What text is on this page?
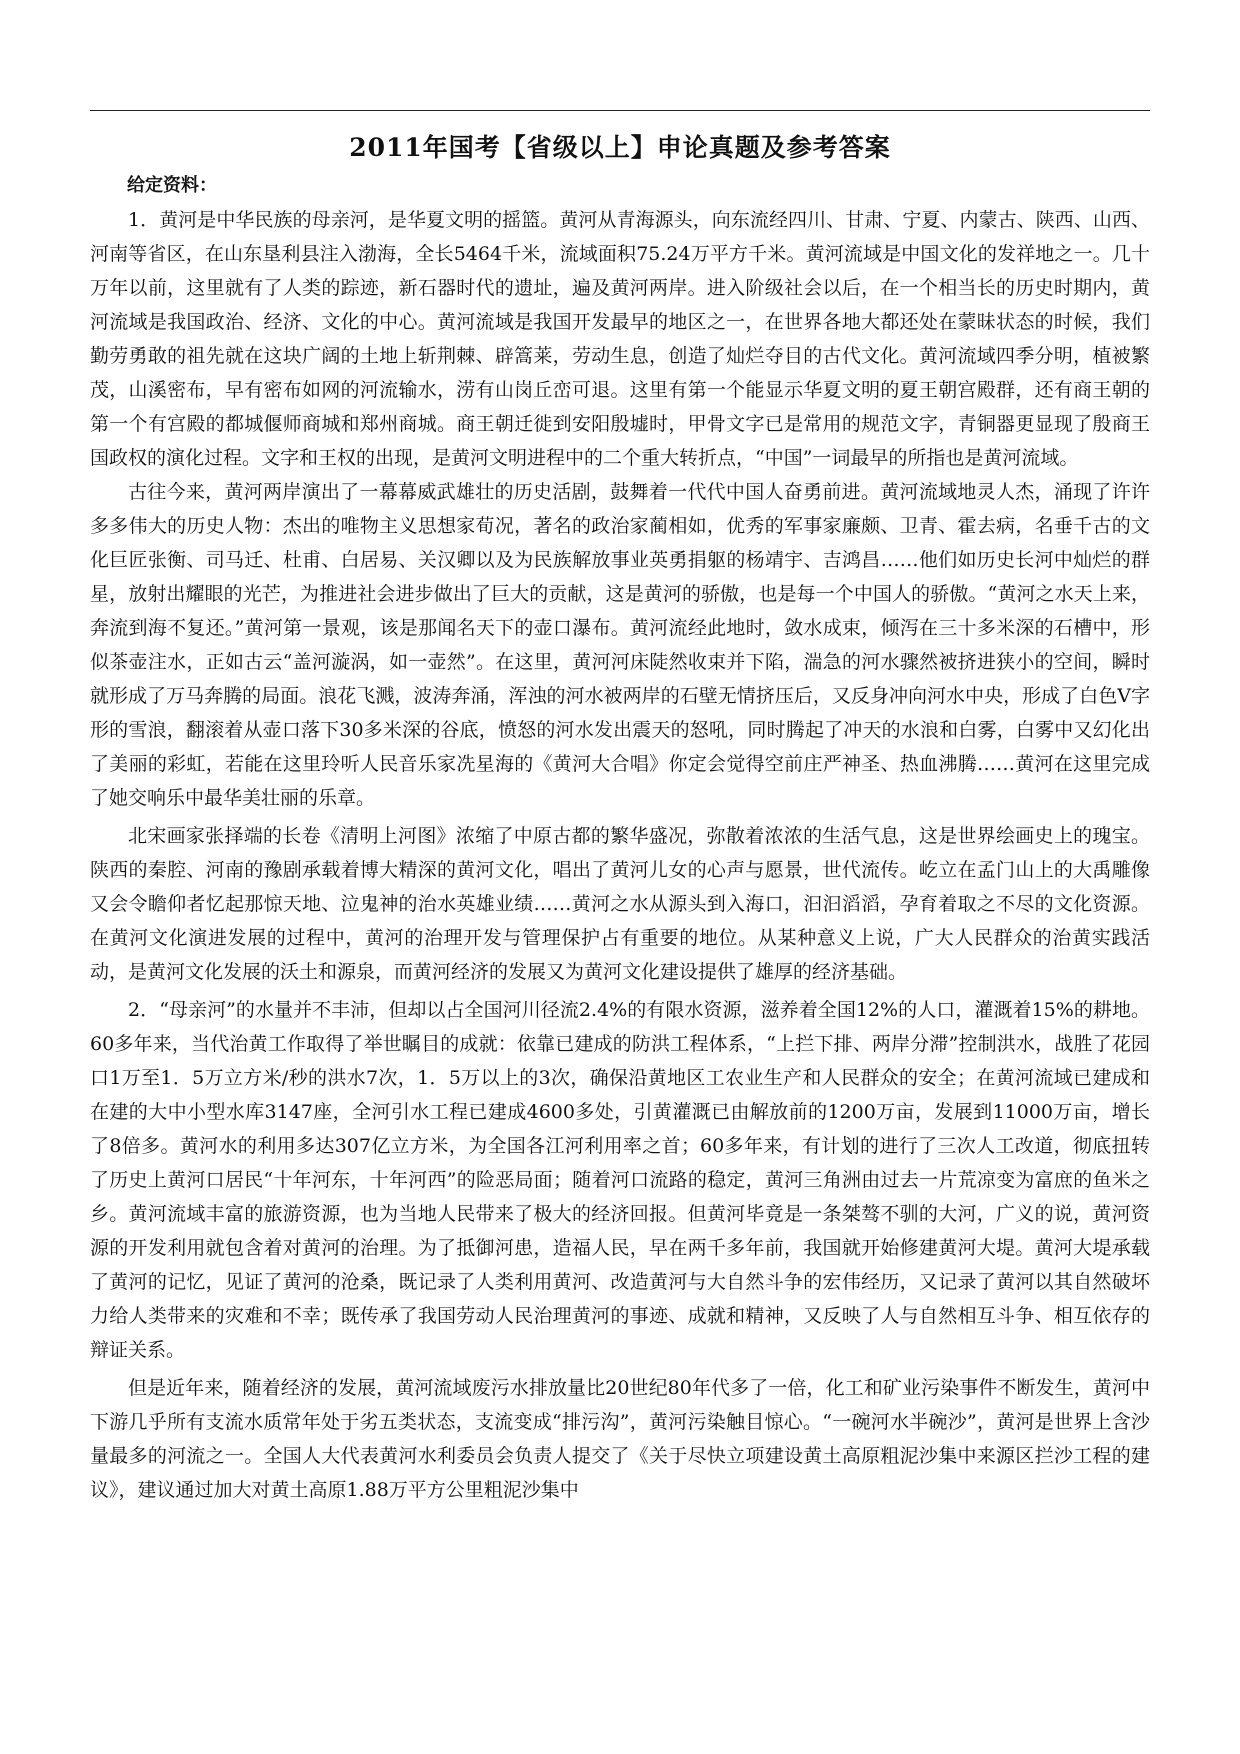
2011年国考【省级以上】申论真题及参考答案
给定资料：

1．黄河是中华民族的母亲河，是华夏文明的摇篮。黄河从青海源头，向东流经四川、甘肃、宁夏、内蒙古、陕西、山西、河南等省区，在山东垦利县注入渤海，全长5464千米，流域面积75.24万平方千米。黄河流域是中国文化的发祥地之一。几十万年以前，这里就有了人类的踪迹，新石器时代的遗址，遍及黄河两岸。进入阶级社会以后，在一个相当长的历史时期内，黄河流域是我国政治、经济、文化的中心。黄河流域是我国开发最早的地区之一，在世界各地大都还处在蒙昧状态的时候，我们勤劳勇敢的祖先就在这块广阔的土地上斩荆棘、辟篙莱，劳动生息，创造了灿烂夺目的古代文化。黄河流域四季分明，植被繁茂，山溪密布，早有密布如网的河流输水，涝有山岗丘峦可退。这里有第一个能显示华夏文明的夏王朝宫殿群，还有商王朝的第一个有宫殿的都城偃师商城和郑州商城。商王朝迁徙到安阳殷墟时，甲骨文字已是常用的规范文字，青铜器更显现了殷商王国政权的演化过程。文字和王权的出现，是黄河文明进程中的二个重大转折点，“中国”一词最早的所指也是黄河流域。

古往今来，黄河两岸演出了一幕幕威武雄壮的历史活剧，鼓舞着一代代中国人奋勇前进。黄河流域地灵人杰，涌现了许许多多伟大的历史人物：杰出的唯物主义思想家荀况，著名的政治家蔺相如，优秀的军事家廉颇、卫青、霍去病，名垂千古的文化巨匠张衡、司马迁、杜甫、白居易、关汉卿以及为民族解放事业英勇捐躯的杨靖宇、吉鸿昌……他们如历史长河中灿烂的群星，放射出耀眼的光芒，为推进社会进步做出了巨大的贡献，这是黄河的骄傲，也是每一个中国人的骄傲。“黄河之水天上来，奔流到海不复还。”黄河第一景观，该是那闻名天下的壶口瀑布。黄河流经此地时，敛水成束，倾泻在三十多米深的石槽中，形似茶壶注水，正如古云“盖河漩涡，如一壶然”。在这里，黄河河床陡然收束并下陷，湍急的河水骤然被挤进狭小的空间，瞬时就形成了万马奔腾的局面。浪花飞溅，波涛奔涌，浑浊的河水被两岸的石壁无情挤压后，又反身冲向河水中央，形成了白色V字形的雪浪，翻滚着从壶口落下30多米深的谷底，愤怒的河水发出震天的怒吼，同时腾起了冲天的水浪和白雾，白雾中又幻化出了美丽的彩虹，若能在这里玲听人民音乐家冼星海的《黄河大合唱》你定会觉得空前庄严神圣、热血沸腾……黄河在这里完成了她交响乐中最华美壮丽的乐章。

北宋画家张择端的长卷《清明上河图》浓缩了中原古都的繁华盛况，弥散着浓浓的生活气息，这是世界绘画史上的瑰宝。陕西的秦腔、河南的豫剧承载着博大精深的黄河文化，唱出了黄河儿女的心声与愿景，世代流传。屹立在孟门山上的大禹雕像又会令瞻仰者忆起那惊天地、泣鬼神的治水英雄业绩……黄河之水从源头到入海口，汩汩滔滔，孕育着取之不尽的文化资源。在黄河文化演进发展的过程中，黄河的治理开发与管理保护占有重要的地位。从某种意义上说，广大人民群众的治黄实践活动，是黄河文化发展的沃土和源泉，而黄河经济的发展又为黄河文化建设提供了雄厚的经济基础。

2．“母亲河”的水量并不丰沛，但却以占全国河川径流2.4%的有限水资源，滋养着全国12%的人口，灌溉着15%的耕地。60多年来，当代治黄工作取得了举世瞩目的成就：依靠已建成的防洪工程体系，“上拦下排、两岸分滞”控制洪水，战胜了花园口1万至1．5万立方米/秒的洪水7次，1．5万以上的3次，确保沿黄地区工农业生产和人民群众的安全；在黄河流域已建成和在建的大中小型水库3147座，全河引水工程已建成4600多处，引黄灌溉已由解放前的1200万亩，发展到11000万亩，增长了8倍多。黄河水的利用多达307亿立方米，为全国各江河利用率之首；60多年来，有计划的进行了三次人工改道，彻底扭转了历史上黄河口居民“十年河东，十年河西”的险恶局面；随着河口流路的稳定，黄河三角洲由过去一片荒凉变为富庶的鱼米之乡。黄河流域丰富的旅游资源，也为当地人民带来了极大的经济回报。但黄河毕竟是一条桀骜不驯的大河，广义的说，黄河资源的开发利用就包含着对黄河的治理。为了抵御河患，造福人民，早在两千多年前，我国就开始修建黄河大堤。黄河大堤承载了黄河的记忆，见证了黄河的沧桑，既记录了人类利用黄河、改造黄河与大自然斗争的宏伟经历，又记录了黄河以其自然破坏力给人类带来的灾难和不幸；既传承了我国劳动人民治理黄河的事迹、成就和精神，又反映了人与自然相互斗争、相互依存的辩证关系。

但是近年来，随着经济的发展，黄河流域废污水排放量比20世纪80年代多了一倍，化工和矿业污染事件不断发生，黄河中下游几乎所有支流水质常年处于劣五类状态，支流变成“排污沟”，黄河污染触目惊心。“一碗河水半碗沙”，黄河是世界上含沙量最多的河流之一。全国人大代表黄河水利委员会负责人提交了《关于尽快立项建设黄土高原粗泥沙集中来源区拦沙工程的建议》，建议通过加大对黄土高原1.88万平方公里粗泥沙集中
